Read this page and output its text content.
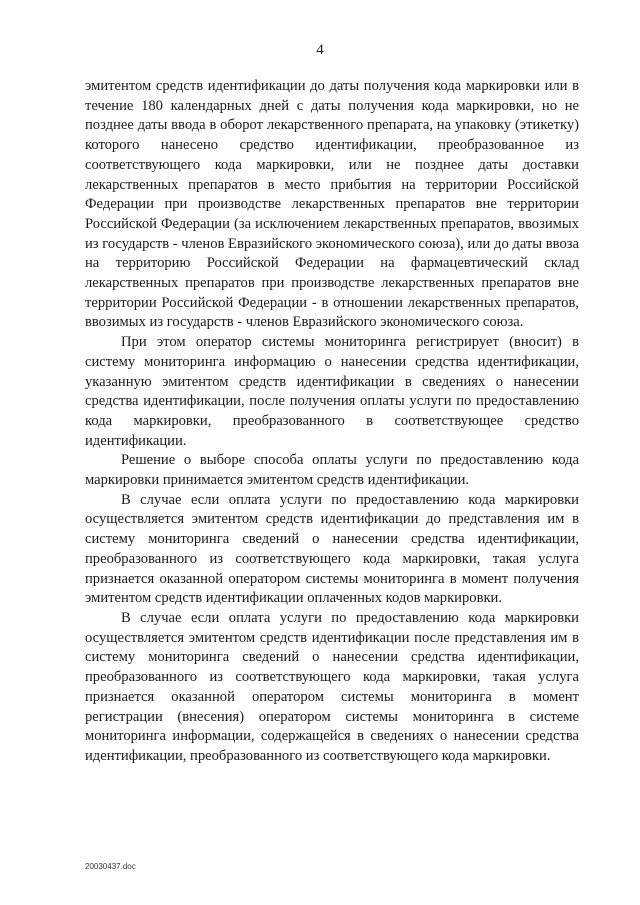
4

эмитентом средств идентификации до даты получения кода маркировки или в течение 180 календарных дней с даты получения кода маркировки, но не позднее даты ввода в оборот лекарственного препарата, на упаковку (этикетку) которого нанесено средство идентификации, преобразованное из соответствующего кода маркировки, или не позднее даты доставки лекарственных препаратов в место прибытия на территории Российской Федерации при производстве лекарственных препаратов вне территории Российской Федерации (за исключением лекарственных препаратов, ввозимых из государств - членов Евразийского экономического союза), или до даты ввоза на территорию Российской Федерации на фармацевтический склад лекарственных препаратов при производстве лекарственных препаратов вне территории Российской Федерации - в отношении лекарственных препаратов, ввозимых из государств - членов Евразийского экономического союза.

При этом оператор системы мониторинга регистрирует (вносит) в систему мониторинга информацию о нанесении средства идентификации, указанную эмитентом средств идентификации в сведениях о нанесении средства идентификации, после получения оплаты услуги по предоставлению кода маркировки, преобразованного в соответствующее средство идентификации.

Решение о выборе способа оплаты услуги по предоставлению кода маркировки принимается эмитентом средств идентификации.

В случае если оплата услуги по предоставлению кода маркировки осуществляется эмитентом средств идентификации до представления им в систему мониторинга сведений о нанесении средства идентификации, преобразованного из соответствующего кода маркировки, такая услуга признается оказанной оператором системы мониторинга в момент получения эмитентом средств идентификации оплаченных кодов маркировки.

В случае если оплата услуги по предоставлению кода маркировки осуществляется эмитентом средств идентификации после представления им в систему мониторинга сведений о нанесении средства идентификации, преобразованного из соответствующего кода маркировки, такая услуга признается оказанной оператором системы мониторинга в момент регистрации (внесения) оператором системы мониторинга в системе мониторинга информации, содержащейся в сведениях о нанесении средства идентификации, преобразованного из соответствующего кода маркировки.

20030437.doc
